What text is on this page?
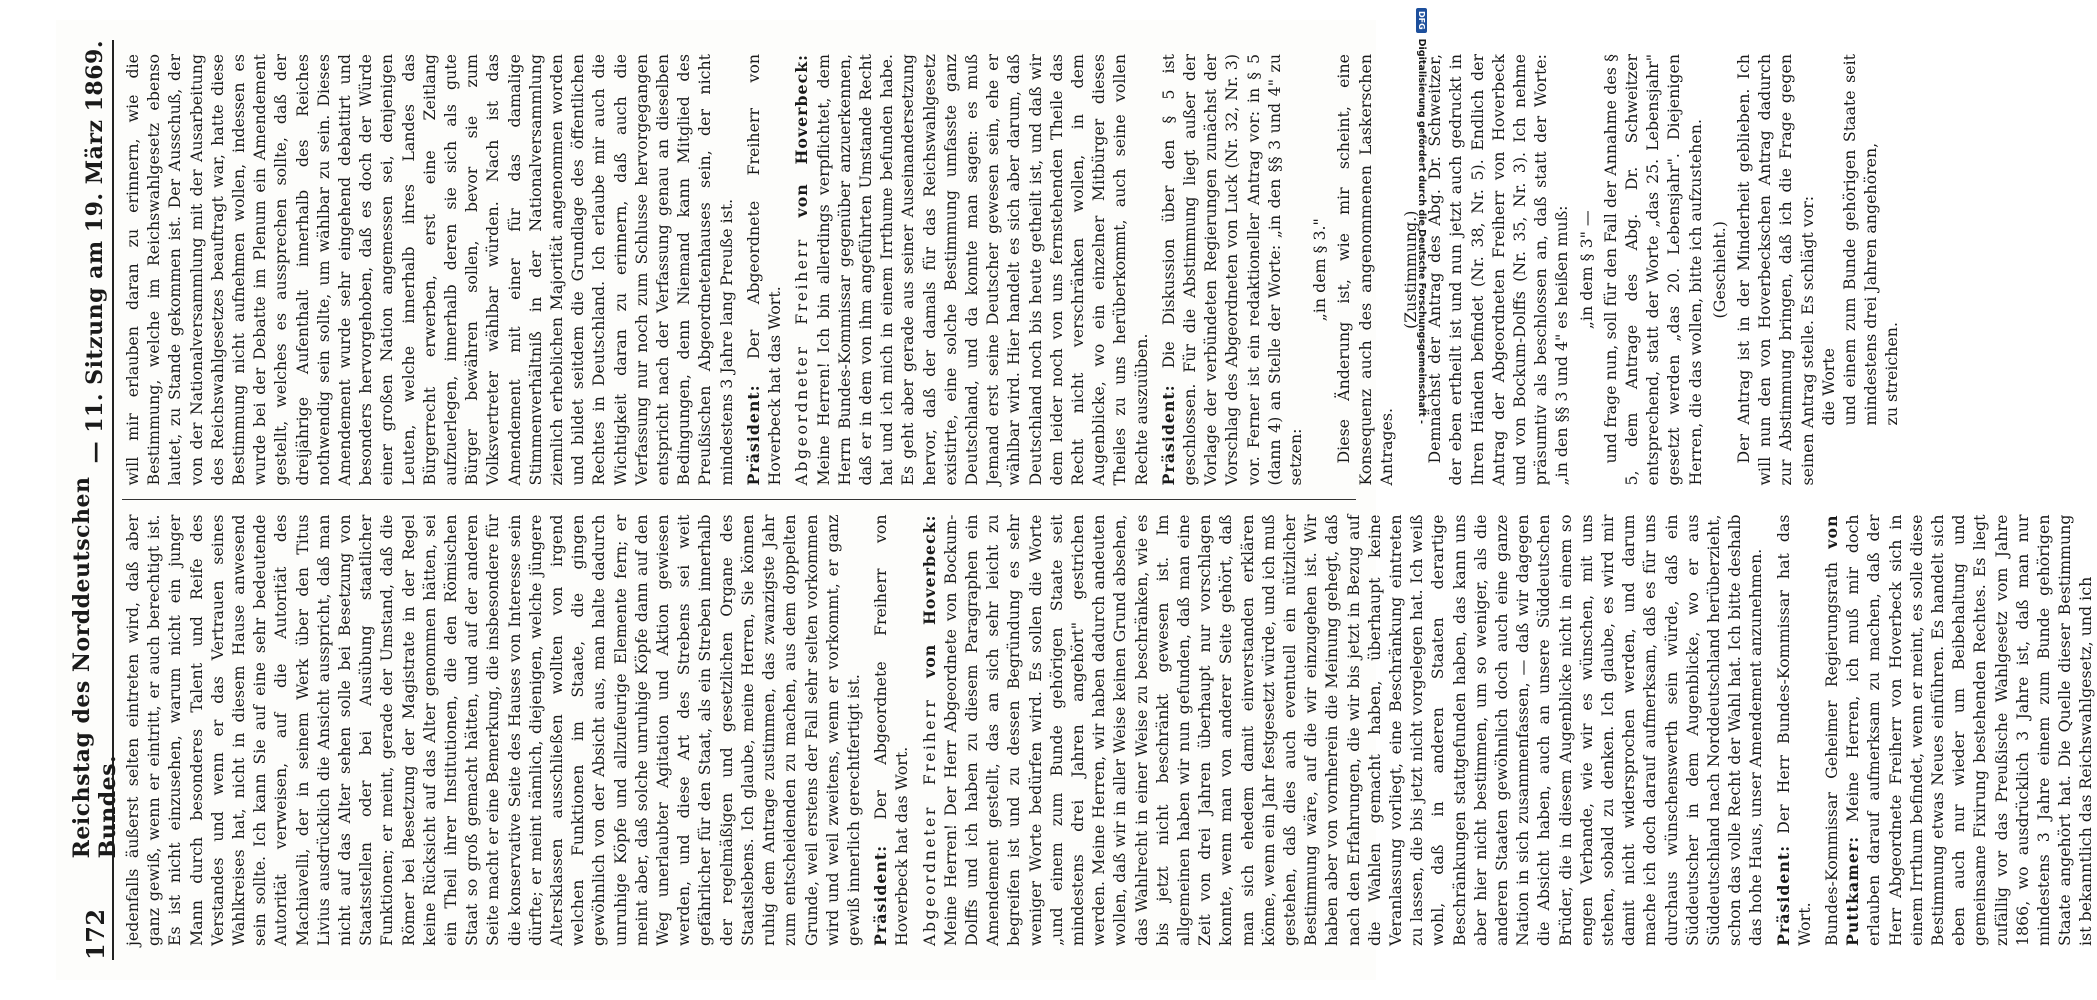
172
Reichstag des Norddeutschen Bundes.
— 11. Sitzung am 19. März 1869.

jedenfalls äußerst selten eintreten wird, daß aber ganz gewiß, wenn er eintritt, er auch berechtigt ist. Es ist nicht einzusehen, warum nicht ein junger Mann durch besonderes Talent und Reife des Verstandes und wenn er das Vertrauen seines Wahlkreises hat, nicht in diesem Hause anwesend sein sollte. Ich kann Sie auf eine sehr bedeutende Autorität verweisen, auf die Autorität des Machiavelli, der in seinem Werk über den Titus Livius ausdrücklich die Ansicht ausspricht, daß man nicht auf das Alter sehen solle bei Besetzung von Staatsstellen oder bei Ausübung staatlicher Funktionen; er meint, gerade der Umstand, daß die Römer bei Besetzung der Magistrate in der Regel keine Rücksicht auf das Alter genommen hätten, sei ein Theil ihrer Institutionen, die den Römischen Staat so groß gemacht hätten, und auf der anderen Seite macht er eine Bemerkung, die insbesondere für die konservative Seite des Hauses von Interesse sein dürfte; er meint nämlich, diejenigen, welche jüngere Altersklassen ausschließen wollten von irgend welchen Funktionen im Staate, die gingen gewöhnlich von der Absicht aus, man halte dadurch unruhige Köpfe und allzufeurige Elemente fern; er meint aber, daß solche unruhige Köpfe dann auf den Weg unerlaubter Agitation und Aktion gewiesen werden, und diese Art des Strebens sei weit gefährlicher für den Staat, als ein Streben innerhalb der regelmäßigen und gesetzlichen Organe des Staatslebens. Ich glaube, meine Herren, Sie können ruhig dem Antrage zustimmen, das zwanzigste Jahr zum entscheidenden zu machen, aus dem doppelten Grunde, weil erstens der Fall sehr selten vorkommen wird und weil zweitens, wenn er vorkommt, er ganz gewiß innerlich gerechtfertigt ist. Präsident: Der Abgeordnete Freiherr von Hoverbeck hat das Wort. Abgeordneter Freiherr von Hoverbeck: Meine Herren! Der Herr Abgeordnete von Bockum-Dolffs und ich haben zu diesem Paragraphen ein Amendement gestellt, das an sich sehr leicht zu begreifen ist und zu dessen Begründung es sehr weniger Worte bedürfen wird. Es sollen die Worte „und einem zum Bunde gehörigen Staate seit mindestens drei Jahren angehört" gestrichen werden. Meine Herren, wir haben dadurch andeuten wollen, daß wir in aller Weise keinen Grund absehen, das Wahlrecht in einer Weise zu beschränken, wie es bis jetzt nicht beschränkt gewesen ist. Im allgemeinen haben wir nun gefunden, daß man eine Zeit von drei Jahren überhaupt nur vorschlagen konnte, wenn man von anderer Seite gehört, daß man sich ehedem damit einverstanden erklären könne, wenn ein Jahr festgesetzt würde, und ich muß gestehen, daß dies auch eventuell ein nützlicher Bestimmung wäre, auf die wir einzugehen ist. Wir haben aber von vornherein die Meinung gehegt, daß nach den Erfahrungen, die wir bis jetzt in Bezug auf die Wahlen gemacht haben, überhaupt keine Veranlassung vorliegt, eine Beschränkung eintreten zu lassen, die bis jetzt nicht vorgelegen hat. Ich weiß wohl, daß in anderen Staaten derartige Beschränkungen stattgefunden haben, das kann uns aber hier nicht bestimmen, um so weniger, als die anderen Staaten gewöhnlich doch auch eine ganze Nation in sich zusammenfassen, — daß wir dagegen die Absicht haben, auch an unsere Süddeutschen Brüder, die in diesem Augenblicke nicht in einem so engen Verbande, wie wir es wünschen, mit uns stehen, sobald zu denken. Ich glaube, es wird mir damit nicht widersprochen werden, und darum mache ich doch darauf aufmerksam, daß es für uns durchaus wünschenswerth sein würde, daß ein Süddeutscher in dem Augenblicke, wo er aus Süddeutschland nach Norddeutschland herüberzieht, schon das volle Recht der Wahl hat. Ich bitte deshalb das hohe Haus, unser Amendement anzunehmen. Präsident: Der Herr Bundes-Kommissar hat das Wort. Bundes-Kommissar Geheimer Regierungsrath von Puttkamer: Meine Herren, ich muß mir doch erlauben darauf aufmerksam zu machen, daß der Herr Abgeordnete Freiherr von Hoverbeck sich in einem Irrthum befindet, wenn er meint, es solle diese Bestimmung etwas Neues einführen. Es handelt sich eben auch nur wieder um Beibehaltung und gemeinsame Fixirung bestehenden Rechtes. Es liegt zufällig vor das Preußische Wahlgesetz vom Jahre 1866, wo ausdrücklich 3 Jahre ist, daß man nur mindestens 3 Jahre einem zum Bunde gehörigen Staate angehört hat. Die Quelle dieser Bestimmung ist bekanntlich das Reichswahlgesetz, und ich

will mir erlauben daran zu erinnern, wie die Bestimmung, welche im Reichswahlgesetz ebenso lautet, zu Stande gekommen ist. Der Ausschuß, der von der Nationalversammlung mit der Ausarbeitung des Reichswahlgesetzes beauftragt war, hatte diese Bestimmung nicht aufnehmen wollen, indessen es wurde bei der Debatte im Plenum ein Amendement gestellt, welches es aussprechen sollte, daß der dreijährige Aufenthalt innerhalb des Reiches nothwendig sein sollte, um wählbar zu sein. Dieses Amendement wurde sehr eingehend debattirt und besonders hervorgehoben, daß es doch der Würde einer großen Nation angemessen sei, denjenigen Leuten, welche innerhalb ihres Landes das Bürgerrecht erwerben, erst eine Zeitlang aufzuerlegen, innerhalb deren sie sich als gute Bürger bewähren sollen, bevor sie zum Volksvertreter wählbar würden. Nach ist das Amendement mit einer für das damalige Stimmenverhältniß in der Nationalversammlung ziemlich erheblichen Majorität angenommen worden und bildet seitdem die Grundlage des öffentlichen Rechtes in Deutschland. Ich erlaube mir auch die Wichtigkeit daran zu erinnern, daß auch die Verfassung nur noch zum Schlusse hervorgegangen entspricht nach der Verfassung genau an dieselben Bedingungen, denn Niemand kann Mitglied des Preußischen Abgeordnetenhauses sein, der nicht mindestens 3 Jahre lang Preuße ist. Präsident: Der Abgeordnete Freiherr von Hoverbeck hat das Wort. Abgeordneter Freiherr von Hoverbeck: Meine Herren! Ich bin allerdings verpflichtet, dem Herrn Bundes-Kommissar gegenüber anzuerkennen, daß er in dem von ihm angeführten Umstande Recht hat und ich mich in einem Irrthume befunden habe. Es geht aber gerade aus seiner Auseinandersetzung hervor, daß der damals für das Reichswahlgesetz existirte, eine solche Bestimmung umfasste ganz Deutschland, und da konnte man sagen: es muß Jemand erst seine Deutscher gewesen sein, ehe er wählbar wird. Hier handelt es sich aber darum, daß Deutschland noch bis heute getheilt ist, und daß wir dem leider noch von uns fernstehenden Theile das Recht nicht verschränken wollen, in dem Augenblicke, wo ein einzelner Mitbürger dieses Theiles zu uns herüberkommt, auch seine vollen Rechte auszuüben. Präsident: Die Diskussion über den § 5 ist geschlossen. Für die Abstimmung liegt außer der Vorlage der verbündeten Regierungen zunächst der Vorschlag des Abgeordneten von Luck (Nr. 32, Nr. 3) vor. Ferner ist ein redaktioneller Antrag vor: in § 5 (dann 4) an Stelle der Worte: „in den §§ 3 und 4" zu setzen:

„in dem § 3." Diese Änderung ist, wie mir scheint, eine Konsequenz auch des angenommenen Laskerschen Antrages.

(Zustimmung.) Demnächst der Antrag des Abg. Dr. Schweitzer, der eben ertheilt ist und nun jetzt auch gedruckt in Ihren Händen befindet (Nr. 38, Nr. 5). Endlich der Antrag der Abgeordneten Freiherr von Hoverbeck und von Bockum-Dolffs (Nr. 35, Nr. 3). Ich nehme präsumtiv als beschlossen an, daß statt der Worte: „in den §§ 3 und 4" es heißen muß: „in dem § 3" — und frage nun, soll für den Fall der Annahme des § 5, dem Antrage des Abg. Dr. Schweitzer entsprechend, statt der Worte „das 25. Lebensjahr" gesetzt werden „das 20. Lebensjahr". Diejenigen Herren, die das wollen, bitte ich aufzustehen. (Geschieht.) Der Antrag ist in der Minderheit geblieben. Ich will nun den von Hoverbeckschen Antrag dadurch zur Abstimmung bringen, daß ich die Frage gegen seinen Antrag stelle. Es schlägt vor: die Worte und einem zum Bunde gehörigen Staate seit mindestens drei Jahren angehören, zu streichen.

DFG
Digitalisierung gefördert durch die Deutsche Forschungsgemeinschaft -
